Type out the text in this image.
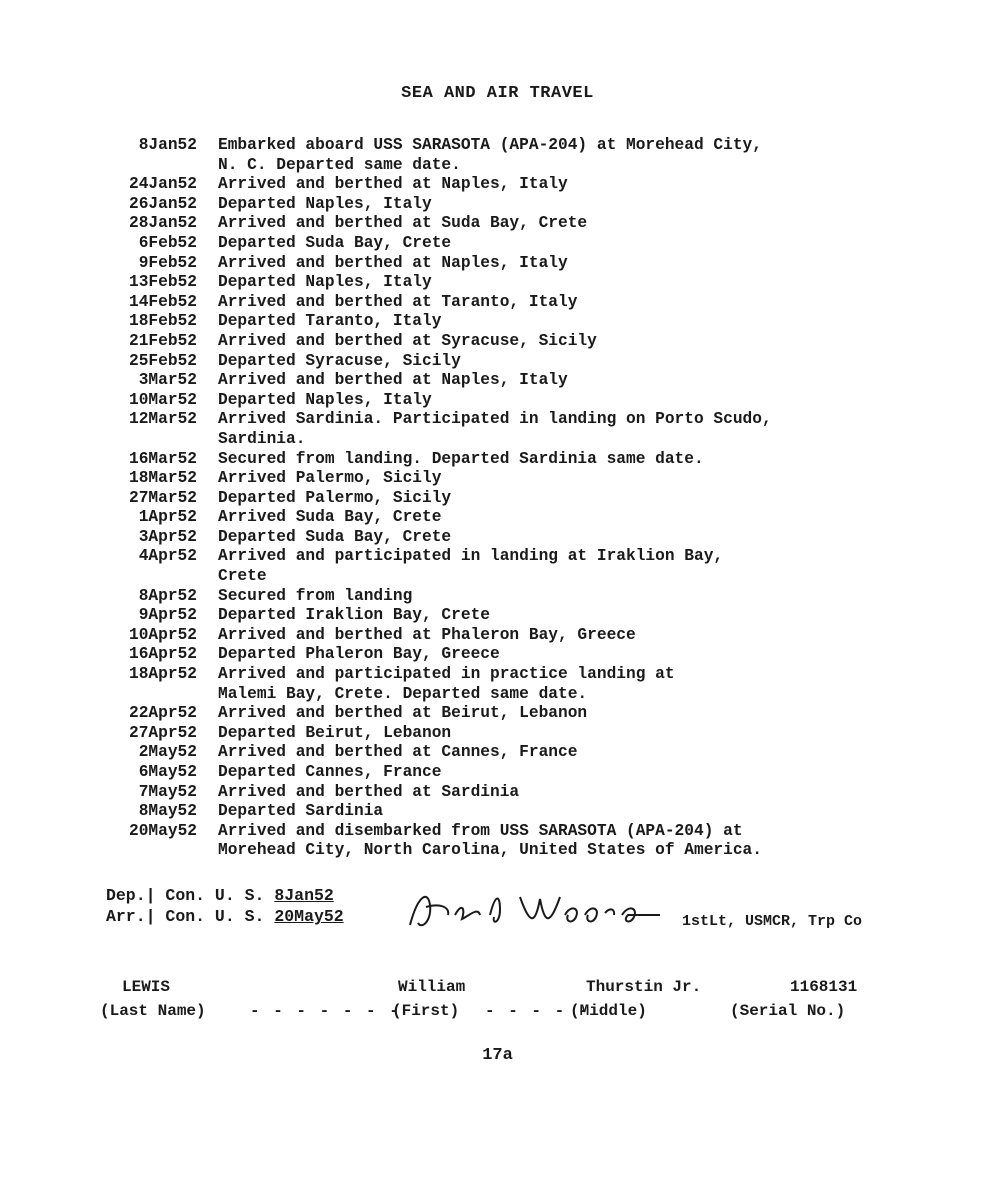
SEA AND AIR TRAVEL
8Jan52 Embarked aboard USS SARASOTA (APA-204) at Morehead City,
N. C. Departed same date.
24Jan52 Arrived and berthed at Naples, Italy
26Jan52 Departed Naples, Italy
28Jan52 Arrived and berthed at Suda Bay, Crete
6Feb52 Departed Suda Bay, Crete
9Feb52 Arrived and berthed at Naples, Italy
13Feb52 Departed Naples, Italy
14Feb52 Arrived and berthed at Taranto, Italy
18Feb52 Departed Taranto, Italy
21Feb52 Arrived and berthed at Syracuse, Sicily
25Feb52 Departed Syracuse, Sicily
3Mar52 Arrived and berthed at Naples, Italy
10Mar52 Departed Naples, Italy
12Mar52 Arrived Sardinia. Participated in landing on Porto Scudo,
Sardinia.
16Mar52 Secured from landing. Departed Sardinia same date.
18Mar52 Arrived Palermo, Sicily
27Mar52 Departed Palermo, Sicily
1Apr52 Arrived Suda Bay, Crete
3Apr52 Departed Suda Bay, Crete
4Apr52 Arrived and participated in landing at Iraklion Bay,
Crete
8Apr52 Secured from landing
9Apr52 Departed Iraklion Bay, Crete
10Apr52 Arrived and berthed at Phaleron Bay, Greece
16Apr52 Departed Phaleron Bay, Greece
18Apr52 Arrived and participated in practice landing at
Malemi Bay, Crete. Departed same date.
22Apr52 Arrived and berthed at Beirut, Lebanon
27Apr52 Departed Beirut, Lebanon
2May52 Arrived and berthed at Cannes, France
6May52 Departed Cannes, France
7May52 Arrived and berthed at Sardinia
8May52 Departed Sardinia
20May52 Arrived and disembarked from USS SARASOTA (APA-204) at
Morehead City, North Carolina, United States of America.
Dep. | Con. U. S.
8Jan52
Arr. | Con. U. S.
20May52	1stLt, USMCR, Trp Co
LEWIS
(Last Name)	- - - - - - -
William
(First) - - - - -
Thurstin Jr.
(Middle)
1168131
(Serial No.)
17a
